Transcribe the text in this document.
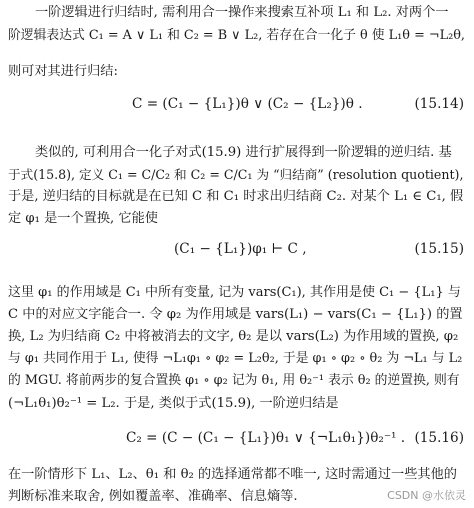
一阶逻辑进行归结时, 需利用合一操作来搜索互补项 L₁ 和 L₂. 对两个一
阶逻辑表达式 C₁ = A ∨ L₁ 和 C₂ = B ∨ L₂, 若存在合一化子 θ 使 L₁θ = ¬L₂θ,
则可对其进行归结:
C = (C₁ − {L₁})θ ∨ (C₂ − {L₂})θ .	(15.14)
类似的, 可利用合一化子对式(15.9) 进行扩展得到一阶逻辑的逆归结. 基
于式(15.8), 定义 C₁ = C/C₂ 和 C₂ = C/C₁ 为 “归结商” (resolution quotient),
于是, 逆归结的目标就是在已知 C 和 C₁ 时求出归结商 C₂. 对某个 L₁ ∈ C₁, 假
定 φ₁ 是一个置换, 它能使
(C₁ − {L₁})φ₁ ⊢ C ,	(15.15)
这里 φ₁ 的作用域是 C₁ 中所有变量, 记为 vars(C₁), 其作用是使 C₁ − {L₁} 与
C 中的对应文字能合一. 令 φ₂ 为作用域是 vars(L₁) − vars(C₁ − {L₁}) 的置
换, L₂ 为归结商 C₂ 中将被消去的文字, θ₂ 是以 vars(L₂) 为作用域的置换, φ₂
与 φ₁ 共同作用于 L₁, 使得 ¬L₁φ₁ ∘ φ₂ = L₂θ₂, 于是 φ₁ ∘ φ₂ ∘ θ₂ 为 ¬L₁ 与 L₂
的 MGU. 将前两步的复合置换 φ₁ ∘ φ₂ 记为 θ₁, 用 θ₂⁻¹ 表示 θ₂ 的逆置换, 则有
(¬L₁θ₁)θ₂⁻¹ = L₂. 于是, 类似于式(15.9), 一阶逆归结是
C₂ = (C − (C₁ − {L₁})θ₁ ∨ {¬L₁θ₁})θ₂⁻¹ . (15.16)
在一阶情形下 L₁、L₂、θ₁ 和 θ₂ 的选择通常都不唯一, 这时需通过一些其他的
判断标准来取舍, 例如覆盖率、准确率、信息熵等.	CSDN @水依灵
